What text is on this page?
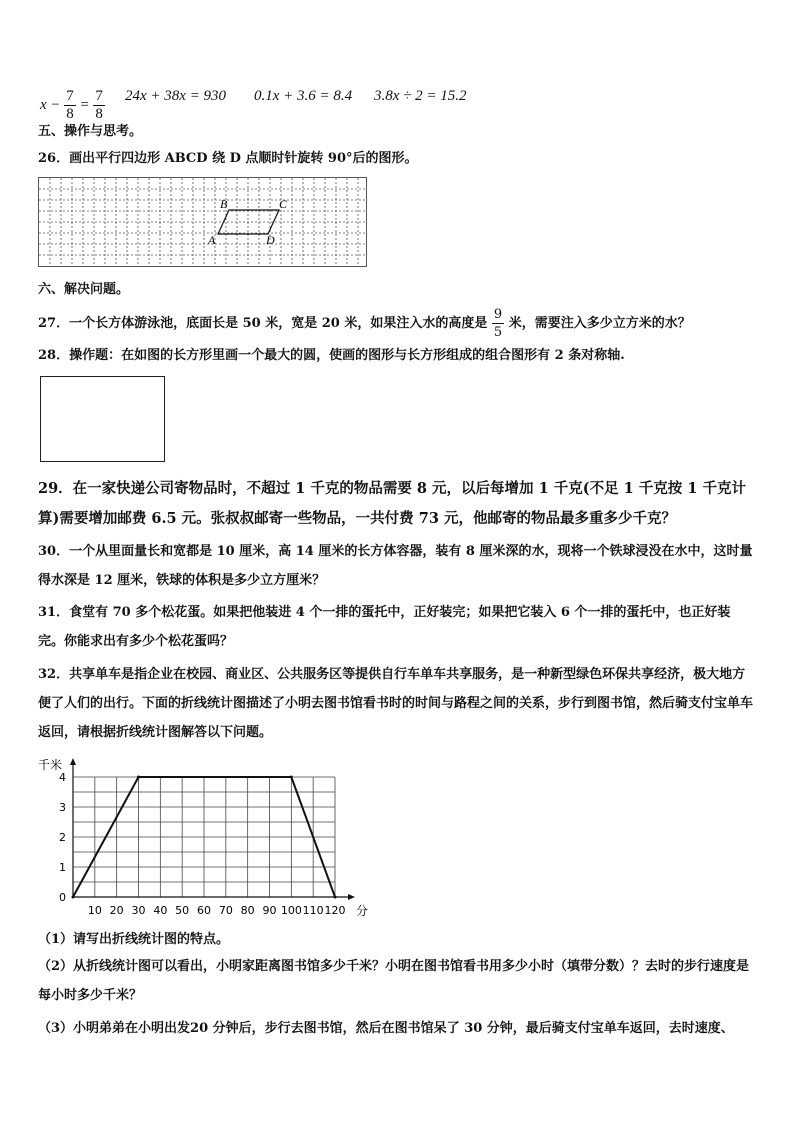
$x - \frac{7}{8} = \frac{7}{8} 24x + 38x = 930$ 0.1x + 3.6 = 8.4 3.8x ÷ 2 = 15.2
五、操作与思考。
26．画出平行四边形 ABCD 绕 D 点顺时针旋转 90°后的图形。
B	C
A	D
六、解决问题。
27．一个长方体游泳池，底面长是 50 米，宽是 20 米，如果注入水的高度是 $\frac{9}{5}$ 米，需要注入多少立方米的水？
28．操作题：在如图的长方形里画一个最大的圆，使画的图形与长方形组成的组合图形有 2 条对称轴.
29．在一家快递公司寄物品时，不超过 1 千克的物品需要 8 元，以后每增加 1 千克(不足 1 千克按 1 千克计算)需要增加邮费 6.5 元。张叔叔邮寄一些物品，一共付费 73 元，他邮寄的物品最多重多少千克？
30．一个从里面量长和宽都是 10 厘米，高 14 厘米的长方体容器，装有 8 厘米深的水，现将一个铁球浸没在水中，这时量得水深是 12 厘米，铁球的体积是多少立方厘米？
31．食堂有 70 多个松花蛋。如果把他装进 4 个一排的蛋托中，正好装完；如果把它装入 6 个一排的蛋托中，也正好装完。你能求出有多少个松花蛋吗？
32．共享单车是指企业在校园、商业区、公共服务区等提供自行车单车共享服务，是一种新型绿色环保共享经济，极大地方便了人们的出行。下面的折线统计图描述了小明去图书馆看书时的时间与路程之间的关系，步行到图书馆，然后骑支付宝单车返回，请根据折线统计图解答以下问题。
0
1
2
3
4
10 20 30 40 50 60 70 80 90 100 110 120
千米
分
（1）请写出折线统计图的特点。
（2）从折线统计图可以看出，小明家距离图书馆多少千米？小明在图书馆看书用多少小时（填带分数）？去时的步行速度是每小时多少千米？
（3）小明弟弟在小明出发20 分钟后，步行去图书馆，然后在图书馆呆了 30 分钟，最后骑支付宝单车返回，去时速度、
